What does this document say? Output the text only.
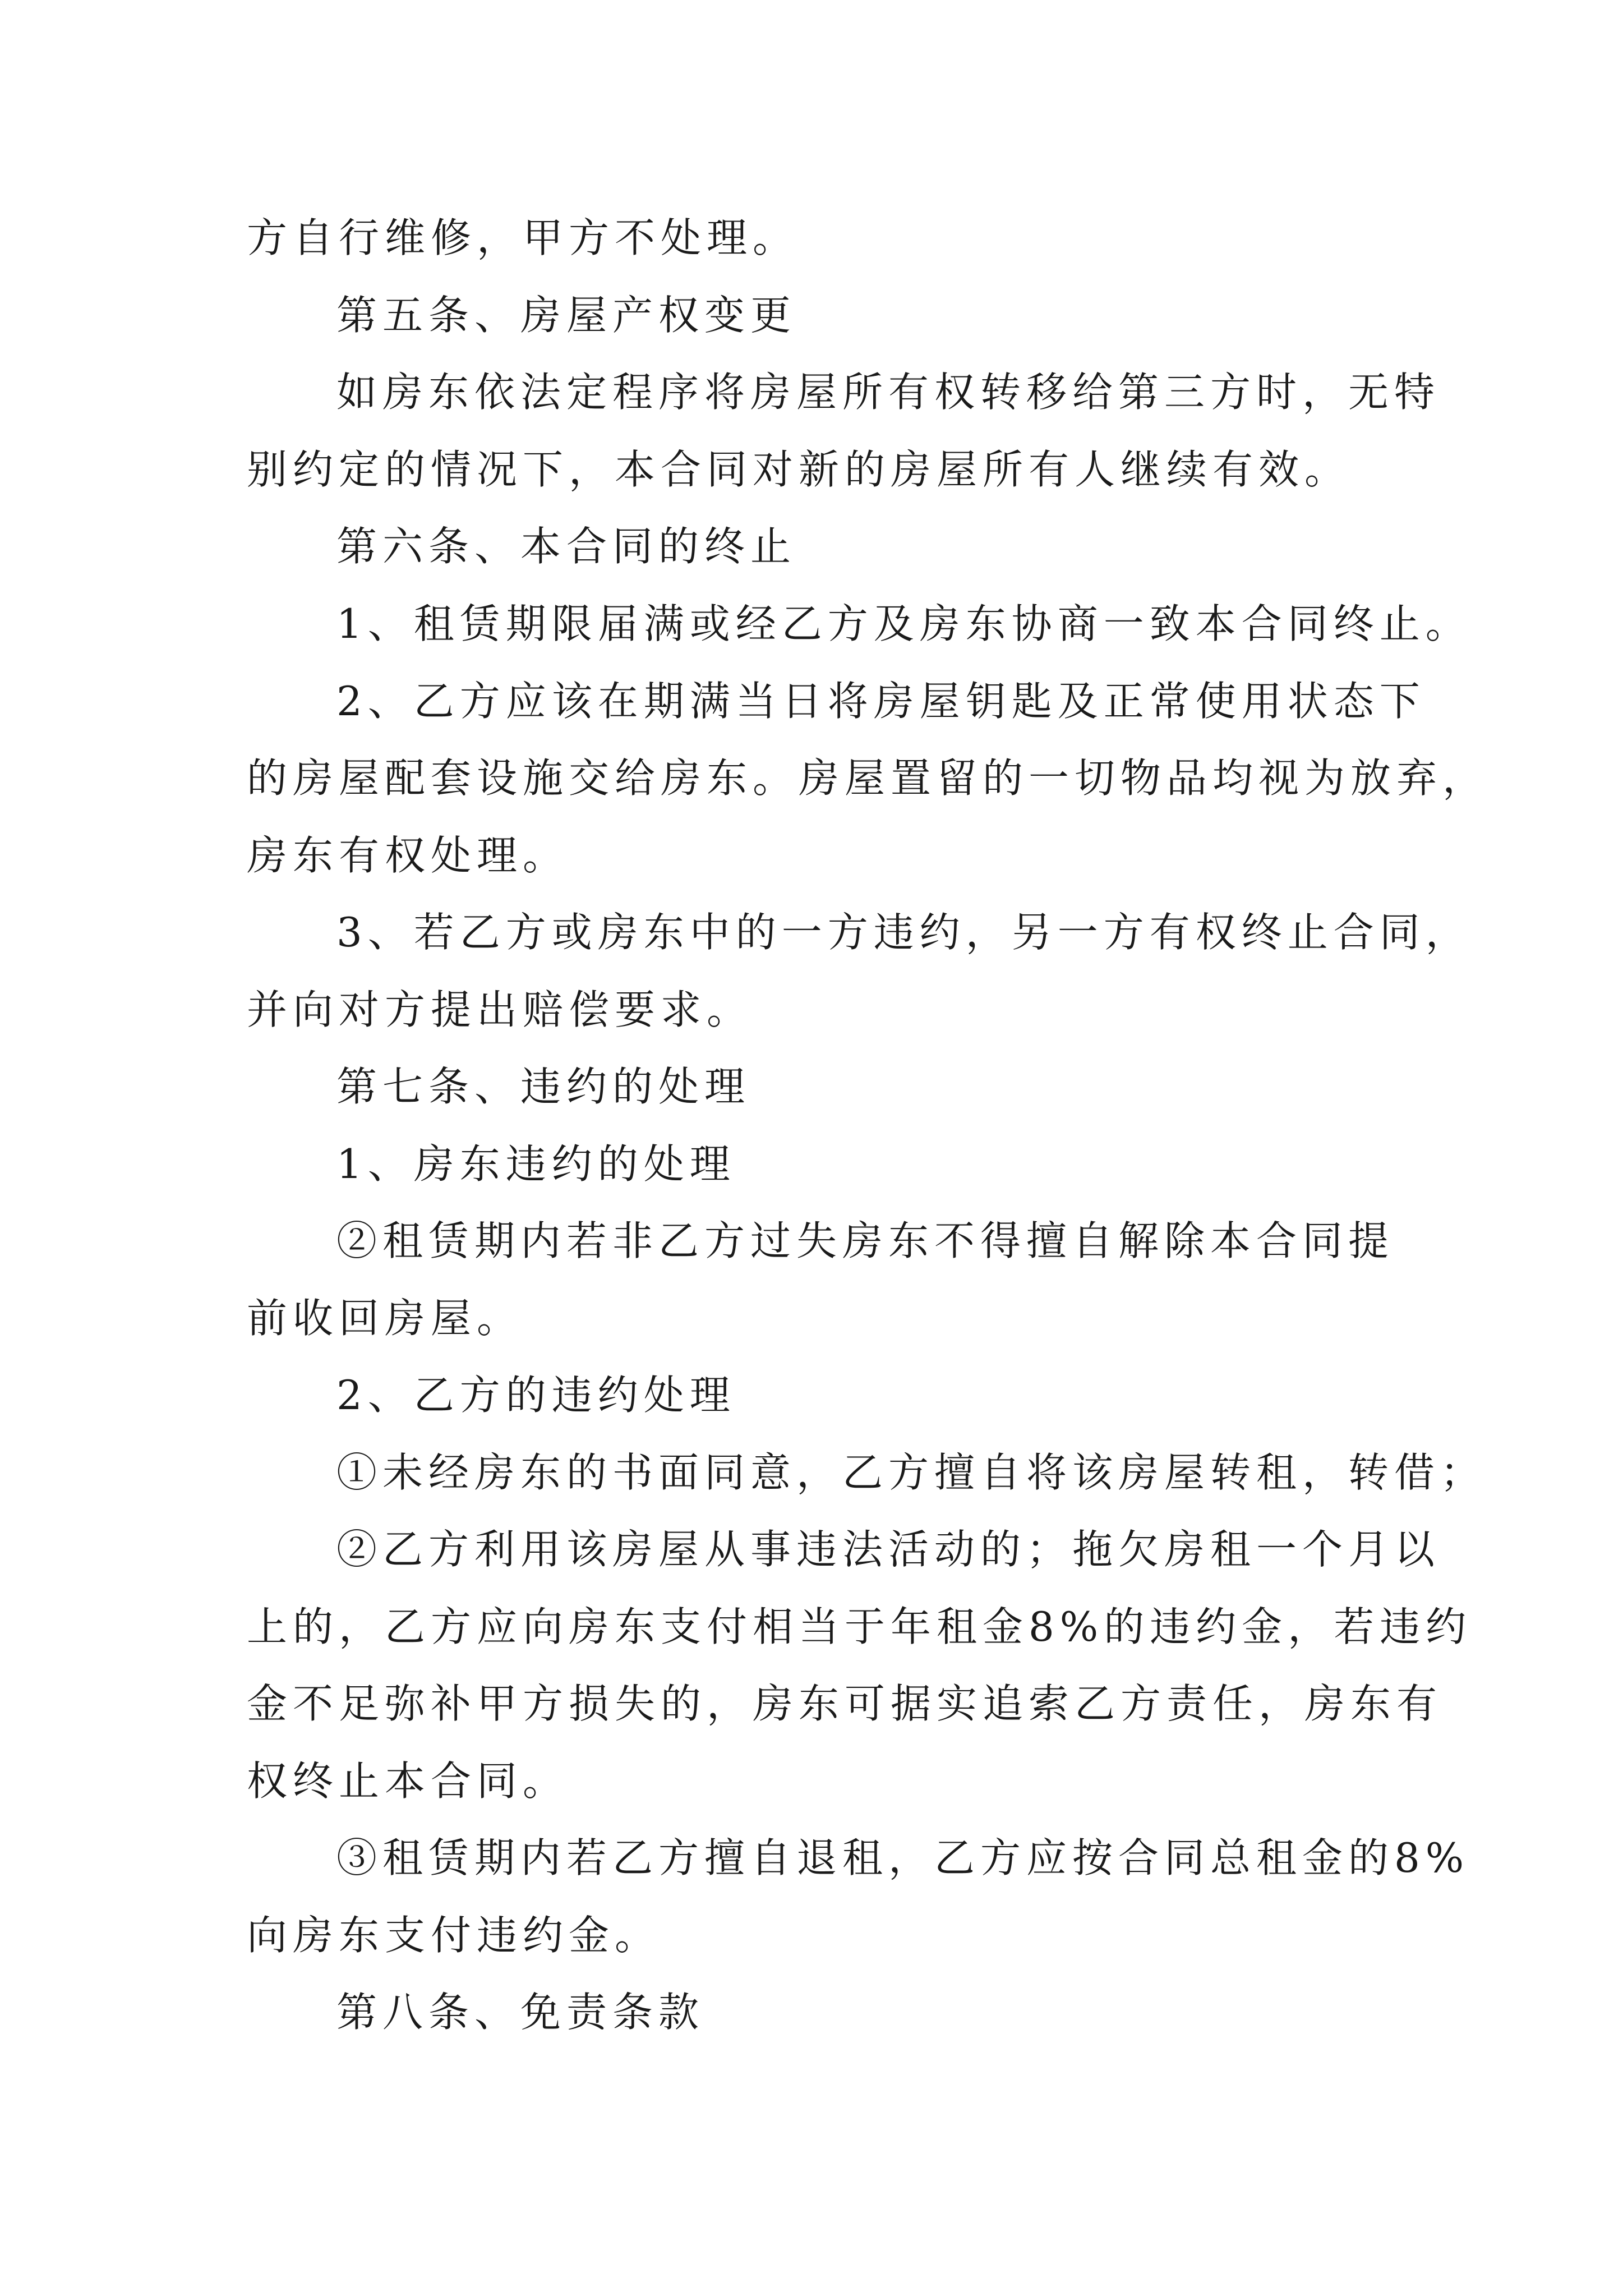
方自行维修，甲方不处理。
第五条、房屋产权变更
如房东依法定程序将房屋所有权转移给第三方时，无特
别约定的情况下，本合同对新的房屋所有人继续有效。
第六条、本合同的终止
1、租赁期限届满或经乙方及房东协商一致本合同终止。
2、乙方应该在期满当日将房屋钥匙及正常使用状态下
的房屋配套设施交给房东。房屋置留的一切物品均视为放弃，
房东有权处理。
3、若乙方或房东中的一方违约，另一方有权终止合同，
并向对方提出赔偿要求。
第七条、违约的处理
1、房东违约的处理
②租赁期内若非乙方过失房东不得擅自解除本合同提
前收回房屋。
2、乙方的违约处理
①未经房东的书面同意，乙方擅自将该房屋转租，转借；
②乙方利用该房屋从事违法活动的；拖欠房租一个月以
上的，乙方应向房东支付相当于年租金8%的违约金，若违约
金不足弥补甲方损失的，房东可据实追索乙方责任，房东有
权终止本合同。
③租赁期内若乙方擅自退租，乙方应按合同总租金的8%
向房东支付违约金。
第八条、免责条款
